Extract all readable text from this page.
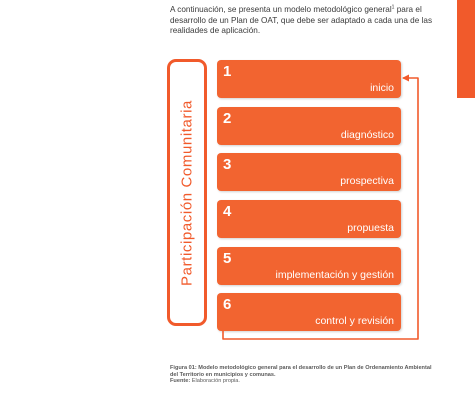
A continuación, se presenta un modelo metodológico general$^1$ para el desarrollo de un Plan de OAT, que debe ser adaptado a cada una de las realidades de aplicación.

Participación Comunitaria
1
inicio
2
diagnóstico
3
prospectiva
4
propuesta
5
implementación y gestión
6
control y revisión
Figura 01: Modelo metodológico general para el desarrollo de un Plan de Ordenamiento Ambiental del Territorio en municipios y comunas.
Fuente: Elaboración propia.
